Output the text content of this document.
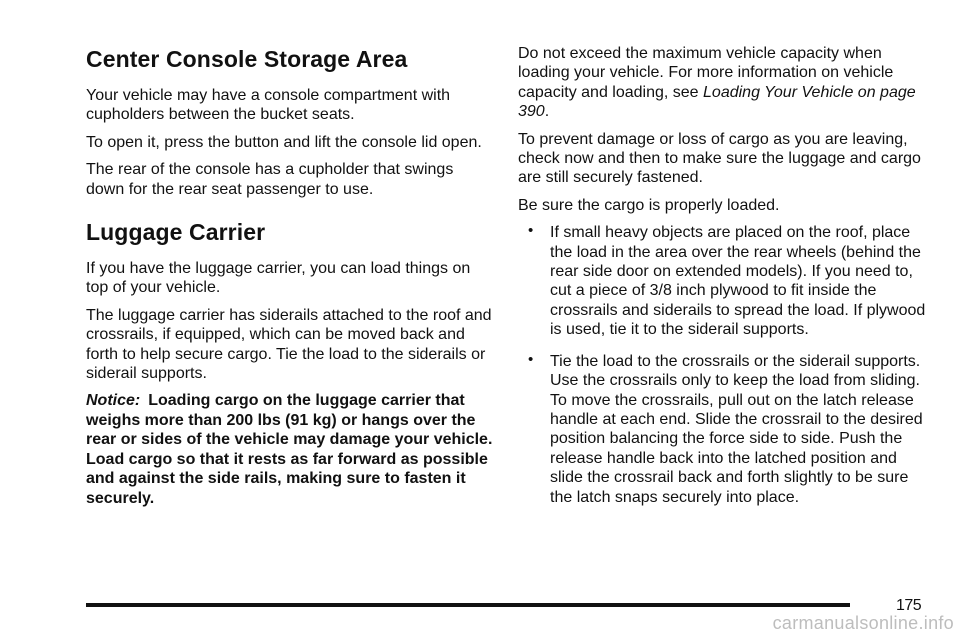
Center Console Storage Area

Your vehicle may have a console compartment with cupholders between the bucket seats.

To open it, press the button and lift the console lid open.

The rear of the console has a cupholder that swings down for the rear seat passenger to use.

Luggage Carrier

If you have the luggage carrier, you can load things on top of your vehicle.

The luggage carrier has siderails attached to the roof and crossrails, if equipped, which can be moved back and forth to help secure cargo. Tie the load to the siderails or siderail supports.

Notice: Loading cargo on the luggage carrier that weighs more than 200 lbs (91 kg) or hangs over the rear or sides of the vehicle may damage your vehicle. Load cargo so that it rests as far forward as possible and against the side rails, making sure to fasten it securely.

Do not exceed the maximum vehicle capacity when loading your vehicle. For more information on vehicle capacity and loading, see Loading Your Vehicle on page 390.

To prevent damage or loss of cargo as you are leaving, check now and then to make sure the luggage and cargo are still securely fastened.

Be sure the cargo is properly loaded.

• If small heavy objects are placed on the roof, place the load in the area over the rear wheels (behind the rear side door on extended models). If you need to, cut a piece of 3/8 inch plywood to fit inside the crossrails and siderails to spread the load. If plywood is used, tie it to the siderail supports.
• Tie the load to the crossrails or the siderail supports. Use the crossrails only to keep the load from sliding. To move the crossrails, pull out on the latch release handle at each end. Slide the crossrail to the desired position balancing the force side to side. Push the release handle back into the latched position and slide the crossrail back and forth slightly to be sure the latch snaps securely into place.
175
carmanualsonline.info
